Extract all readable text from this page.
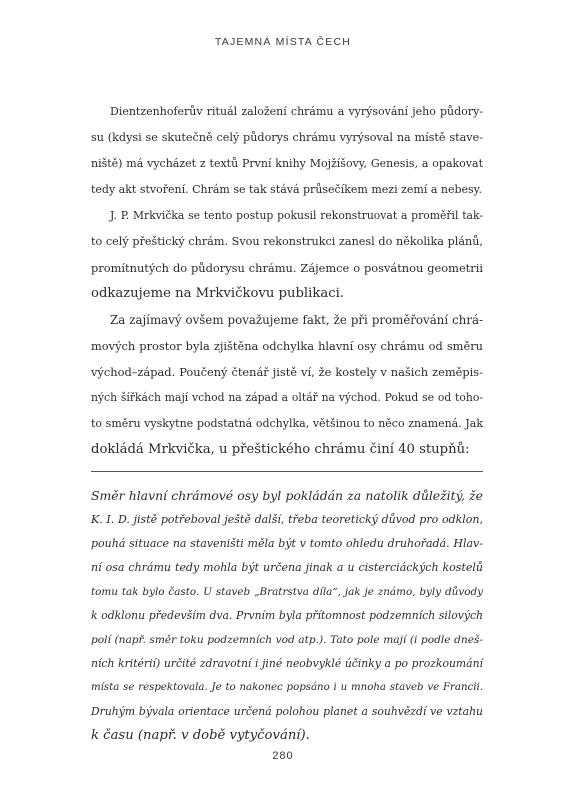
TAJEMNÁ MÍSTA ČECH
Dientzenhoferův rituál založení chrámu a vyrýsování jeho půdory-
su (kdysi se skutečně celý půdorys chrámu vyrýsoval na místě stave-
niště) má vycházet z textů První knihy Mojžíšovy, Genesis, a opakovat
tedy akt stvoření. Chrám se tak stává průsečíkem mezi zemí a nebesy.
J. P. Mrkvička se tento postup pokusil rekonstruovat a proměřil tak-
to celý přeštický chrám. Svou rekonstrukci zanesl do několika plánů,
promítnutých do půdorysu chrámu. Zájemce o posvátnou geometrii
odkazujeme na Mrkvičkovu publikaci.
Za zajímavý ovšem považujeme fakt, že při proměřování chrá-
mových prostor byla zjištěna odchylka hlavní osy chrámu od směru
východ–západ. Poučený čtenář jistě ví, že kostely v našich zeměpis-
ných šířkách mají vchod na západ a oltář na východ. Pokud se od toho-
to směru vyskytne podstatná odchylka, většinou to něco znamená. Jak
dokládá Mrkvička, u přeštického chrámu činí 40 stupňů:
Směr hlavní chrámové osy byl pokládán za natolik důležitý, že
K. I. D. jistě potřeboval ještě další, třeba teoretický důvod pro odklon,
pouhá situace na staveništi měla být v tomto ohledu druhořadá. Hlav-
ní osa chrámu tedy mohla být určena jinak a u cisterciáckých kostelů
tomu tak bylo často. U staveb „Bratrstva díla“, jak je známo, byly důvody
k odklonu především dva. Prvním byla přítomnost podzemních silových
polí (např. směr toku podzemních vod atp.). Tato pole mají (i podle dneš-
ních kritérií) určité zdravotní i jiné neobvyklé účinky a po prozkoumání
místa se respektovala. Je to nakonec popsáno i u mnoha staveb ve Francii.
Druhým bývala orientace určená polohou planet a souhvězdí ve vztahu
280
k času (např. v době vytyčování).
